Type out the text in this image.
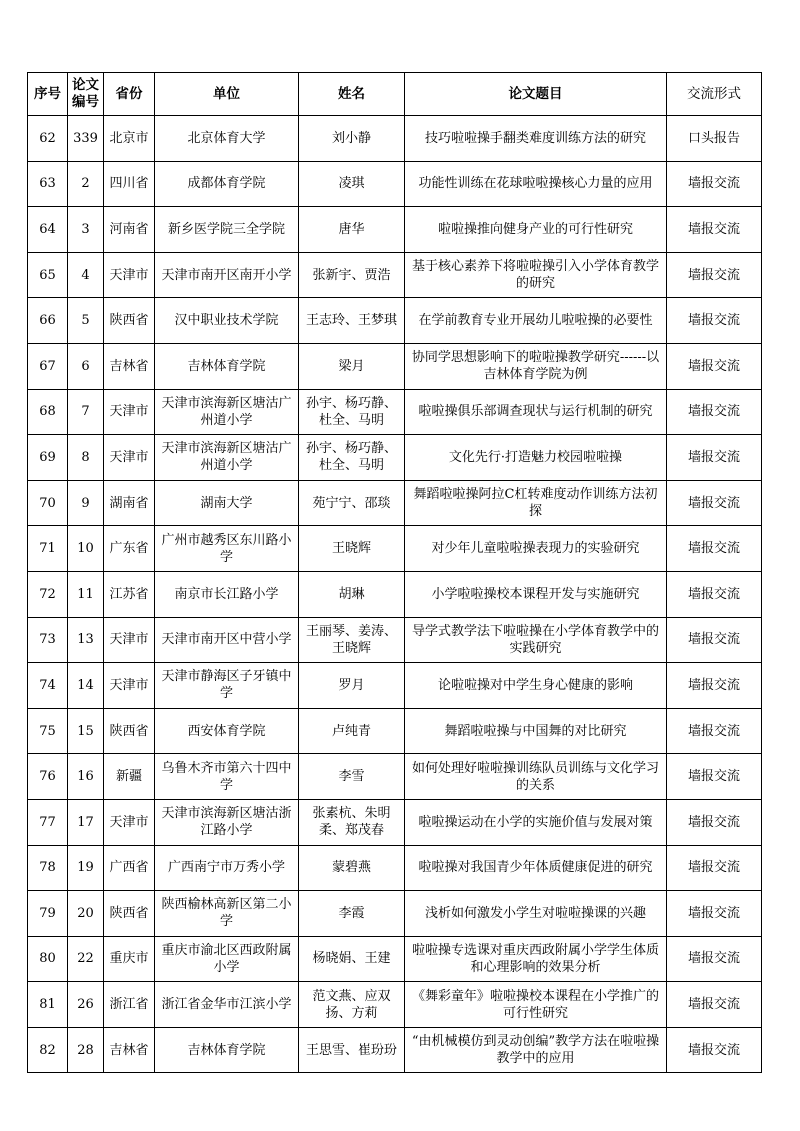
序号	论文编号	省份	单位	姓名	论文题目	交流形式

62	339	北京市	北京体育大学	刘小静	技巧啦啦操手翻类难度训练方法的研究	口头报告

63	2	四川省	成都体育学院	凌琪	功能性训练在花球啦啦操核心力量的应用	墙报交流

64	3	河南省	新乡医学院三全学院	唐华	啦啦操推向健身产业的可行性研究	墙报交流

65	4	天津市	天津市南开区南开小学	张新宇、贾浩	基于核心素养下将啦啦操引入小学体育教学的研究	墙报交流

66	5	陕西省	汉中职业技术学院	王志玲、王梦琪	在学前教育专业开展幼儿啦啦操的必要性	墙报交流

67	6	吉林省	吉林体育学院	梁月	协同学思想影响下的啦啦操教学研究------以吉林体育学院为例	墙报交流

68	7	天津市	天津市滨海新区塘沽广州道小学	孙宇、杨巧静、杜全、马明	啦啦操俱乐部调查现状与运行机制的研究	墙报交流

69	8	天津市	天津市滨海新区塘沽广州道小学	孙宇、杨巧静、杜全、马明	文化先行·打造魅力校园啦啦操	墙报交流

70	9	湖南省	湖南大学	苑宁宁、邵琰	舞蹈啦啦操阿拉C杠转难度动作训练方法初探	墙报交流

71	10	广东省	广州市越秀区东川路小学	王晓辉	对少年儿童啦啦操表现力的实验研究	墙报交流

72	11	江苏省	南京市长江路小学	胡琳	小学啦啦操校本课程开发与实施研究	墙报交流

73	13	天津市	天津市南开区中营小学	王丽琴、姜涛、王晓辉	导学式教学法下啦啦操在小学体育教学中的实践研究	墙报交流

74	14	天津市	天津市静海区子牙镇中学	罗月	论啦啦操对中学生身心健康的影响	墙报交流

75	15	陕西省	西安体育学院	卢纯青	舞蹈啦啦操与中国舞的对比研究	墙报交流

76	16	新疆	乌鲁木齐市第六十四中学	李雪	如何处理好啦啦操训练队员训练与文化学习的关系	墙报交流

77	17	天津市	天津市滨海新区塘沽浙江路小学	张素杭、朱明柔、郑茂春	啦啦操运动在小学的实施价值与发展对策	墙报交流

78	19	广西省	广西南宁市万秀小学	蒙碧燕	啦啦操对我国青少年体质健康促进的研究	墙报交流

79	20	陕西省	陕西榆林高新区第二小学	李霞	浅析如何激发小学生对啦啦操课的兴趣	墙报交流

80	22	重庆市	重庆市渝北区西政附属小学	杨晓娟、王建	啦啦操专选课对重庆西政附属小学学生体质和心理影响的效果分析	墙报交流

81	26	浙江省	浙江省金华市江滨小学	范文燕、应双扬、方莉	《舞彩童年》啦啦操校本课程在小学推广的可行性研究	墙报交流

82	28	吉林省	吉林体育学院	王思雪、崔玢玢	“由机械模仿到灵动创编”教学方法在啦啦操教学中的应用	墙报交流
